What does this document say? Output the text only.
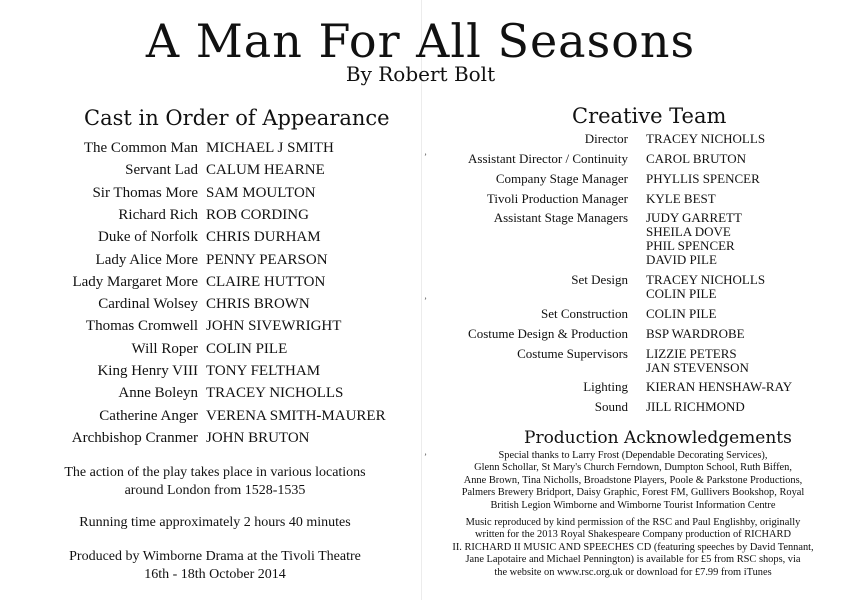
’
’
’
A Man For All Seasons
By Robert Bolt
Cast in Order of Appearance
The Common Man MICHAEL J SMITH
Servant Lad CALUM HEARNE
Sir Thomas More SAM MOULTON
Richard Rich ROB CORDING
Duke of Norfolk CHRIS DURHAM
Lady Alice More PENNY PEARSON
Lady Margaret More CLAIRE HUTTON
Cardinal Wolsey CHRIS BROWN
Thomas Cromwell JOHN SIVEWRIGHT
Will Roper COLIN PILE
King Henry VIII TONY FELTHAM
Anne Boleyn TRACEY NICHOLLS
Catherine Anger VERENA SMITH-MAURER
Archbishop Cranmer JOHN BRUTON
The action of the play takes place in various locations
around London from 1528-1535
Running time approximately 2 hours 40 minutes
Produced by Wimborne Drama at the Tivoli Theatre
16th - 18th October 2014
Creative Team
Director TRACEY NICHOLLS
Assistant Director / Continuity CAROL BRUTON
Company Stage Manager PHYLLIS SPENCER
Tivoli Production Manager KYLE BEST
Assistant Stage Managers JUDY GARRETT
SHEILA DOVE
PHIL SPENCER
DAVID PILE
Set Design TRACEY NICHOLLS
COLIN PILE
Set Construction COLIN PILE
Costume Design & Production BSP WARDROBE
Costume Supervisors LIZZIE PETERS
JAN STEVENSON
Lighting KIERAN HENSHAW-RAY
Sound JILL RICHMOND
Production Acknowledgements
Special thanks to Larry Frost (Dependable Decorating Services),
Glenn Schollar, St Mary's Church Ferndown, Dumpton School, Ruth Biffen,
Anne Brown, Tina Nicholls, Broadstone Players, Poole & Parkstone Productions,
Palmers Brewery Bridport, Daisy Graphic, Forest FM, Gullivers Bookshop, Royal
British Legion Wimborne and Wimborne Tourist Information Centre
Music reproduced by kind permission of the RSC and Paul Englishby, originally
written for the 2013 Royal Shakespeare Company production of RICHARD
II. RICHARD II MUSIC AND SPEECHES CD (featuring speeches by David Tennant,
Jane Lapotaire and Michael Pennington) is available for £5 from RSC shops, via
the website on www.rsc.org.uk or download for £7.99 from iTunes
